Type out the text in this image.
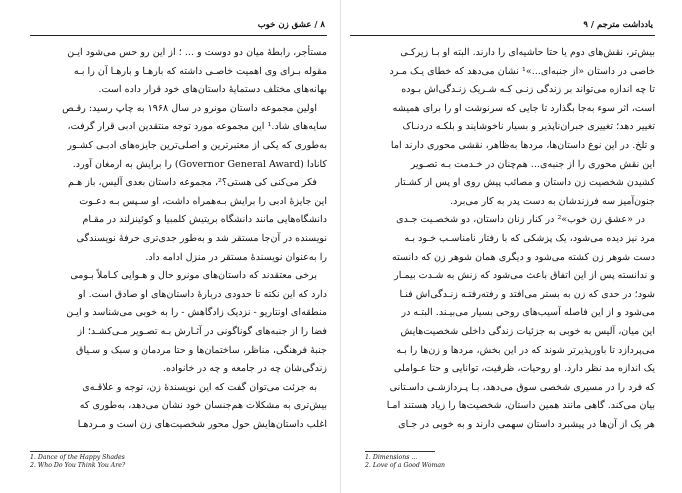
۸ / عشق زن خوب
مستأجر، رابطهٔ میان دو دوست و ... ؛ از این رو حس می‌شود ایـن
مقوله بـرای وی اهمیت خاصـی داشته که بارهـا و بارهـا آن را بـه
بهانه‌های مختلف دستمایهٔ داستان‌های خود قرار داده است.
اولین مجموعه داستان مونرو در سال ۱۹۶۸ به چاپ رسید: رقـص
سایه‌های شاد.¹ این مجموعه مورد توجه منتقدین ادبی قرار گرفت،
به‌طوری که یکی از معتبرترین و اصلی‌ترین جایزه‌های ادبـی کشـور
کانادا (Governor General Award) را برایش به ارمغان آورد.
فکر می‌کنی کی هستی؟²، مجموعه داستان بعدی آلیس، باز هـم
این جایزهٔ ادبی را برایش بـه‌همراه داشت، او سـپس بـه دعـوت
دانشگاه‌هایی مانند دانشگاه بریتیش کلمبیا و کوئینزلند در مقـام
نویسنده در آن‌جا مستقر شد و به‌طور جدی‌تری حرفهٔ نویسندگی
را به‌عنوان نویسندهٔ مستقر در منزل ادامه داد.
برخی معتقدند که داستان‌های مونرو حال و هـوایی کـاملاً بـومی
دارد که این نکته تا حدودی دربارهٔ داستان‌های او صادق است. او
منطقه‌ای اونتاریو - نزدیک زادگاهش - را به خوبی می‌شناسد و ایـن
فضا را از جنبه‌های گوناگونی در آثـارش بـه تصـویر مـی‌کشـد؛ از
جنبهٔ فرهنگی، مناظر، ساختمان‌ها و حتا مردمان و سبک و سـیاق
زندگی‌شان چه در جامعه و چه در خانواده.
به جرئت می‌توان گفت که این نویسندهٔ زن، توجه و علاقـه‌ی
بیش‌تری به مشکلات هم‌جنسان خود نشان می‌دهد، به‌طوری که
اغلب داستان‌هایش حول محور شخصیت‌های زن است و مـردهـا
1. Dance of the Happy Shades
2. Who Do You Think You Are?
یادداشت مترجم / ۹
بیش‌تر، نقش‌های دوم یا حتا حاشیه‌ای را دارند. البته او بـا زیرکـی
خاصی در داستان «از جنبه‌ای...»¹ نشان می‌دهد که خطای یـک مـرد
تا چه اندازه می‌تواند بر زندگی زنـی کـه شـریک زنـدگی‌اش بـوده
است، اثر سوء به‌جا بگذارد تا جایی که سرنوشت او را برای همیشه
تغییر دهد؛ تغییری جبران‌ناپذیر و بسیار ناخوشایند و بلکـه دردنـاک
و تلخ. در این نوع داستان‌ها، مردها به‌ظاهر، نقشی محوری دارند اما
این نقش محوری را از جنبه‌ی... هم‌چنان در خـدمت بـه تصـویر
کشیدن شخصیت زن داستان و مصائب پیش روی او پس از کشـتار
جنون‌آمیز سه فرزندشان به دست پدر به کار می‌برد.
در «عشق زن خوب»² در کنار زنان داستان، دو شخصـیت جـدی
مرد نیز دیده می‌شود، یک پزشکی که با رفتار نامناسـب خـود بـه
دست شوهر زن کشته می‌شود و دیگری همان شوهر زن که دانسته
و ندانسته پس از این اتفاق باعث می‌شود که زنش به شـدت بیمـار
شود؛ در حدی که زن به بستر می‌افتد و رفته‌رفتـه زنـدگی‌اش فنـا
می‌شود و از این فاصله آسیب‌های روحی بسیار می‌بیـند. البتـه در
این میان، آلیس به خوبی به جزئیات زندگی داخلی شخصیت‌هایش
می‌پردازد تا باورپذیرتر شوند که در این بخش، مردها و زن‌ها را بـه
یک اندازه مد نظر دارد. او روحیات، ظرفیت، توانایی و حتا عـواملی
که فرد را در مسیری شخصی سوق می‌دهد، بـا پـردازشـی داسـتانی
بیان می‌کند. گاهی مانند همین داستان، شخصیت‌ها را زیاد هستند امـا
هر یک از آن‌ها در پیشبرد داستان سهمی دارند و به خوبی در جـای
1. Dimensions ...
2. Love of a Good Woman
